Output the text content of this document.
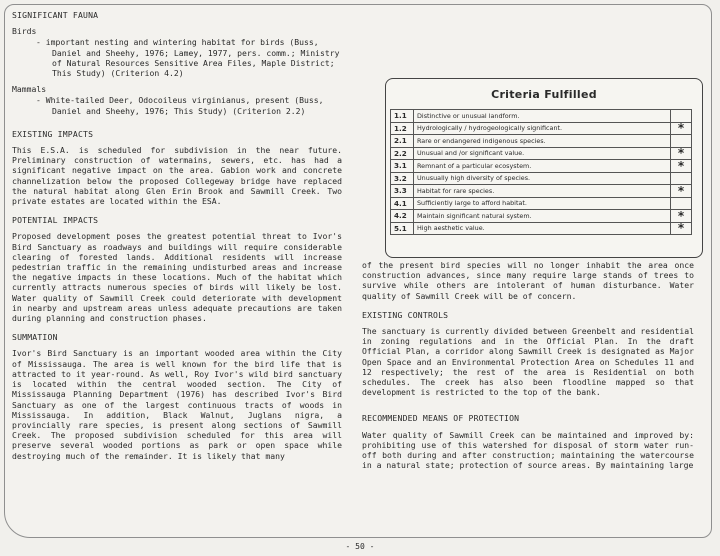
SIGNIFICANT FAUNA
Birds
- important nesting and wintering habitat for birds (Buss, Daniel and Sheehy, 1976; Lamey, 1977, pers. comm.; Ministry of Natural Resources Sensitive Area Files, Maple District; This Study) (Criterion 4.2)
Mammals
- White-tailed Deer, Odocoileus virginianus, present (Buss, Daniel and Sheehy, 1976; This Study) (Criterion 2.2)
EXISTING IMPACTS
This E.S.A. is scheduled for subdivision in the near future. Preliminary construction of watermains, sewers, etc. has had a significant negative impact on the area. Gabion work and concrete channelization below the proposed Collegeway bridge have replaced the natural habitat along Glen Erin Brook and Sawmill Creek. Two private estates are located within the ESA.
POTENTIAL IMPACTS
Proposed development poses the greatest potential threat to Ivor's Bird Sanctuary as roadways and buildings will require considerable clearing of forested lands. Additional residents will increase pedestrian traffic in the remaining undisturbed areas and increase the negative impacts in these locations. Much of the habitat which currently attracts numerous species of birds will likely be lost. Water quality of Sawmill Creek could deteriorate with development in nearby and upstream areas unless adequate precautions are taken during planning and construction phases.
SUMMATION
Ivor's Bird Sanctuary is an important wooded area within the City of Mississauga. The area is well known for the bird life that is attracted to it year-round. As well, Roy Ivor's wild bird sanctuary is located within the central wooded section. The City of Mississauga Planning Department (1976) has described Ivor's Bird Sanctuary as one of the largest continuous tracts of woods in Mississauga. In addition, Black Walnut, Juglans nigra, a provincially rare species, is present along sections of Sawmill Creek. The proposed subdivision scheduled for this area will preserve several wooded portions as park or open space while destroying much of the remainder. It is likely that many
Criteria Fulfilled
1.1	Distinctive or unusual landform.	
1.2	Hydrologically / hydrogeologically significant.	*
2.1	Rare or endangered indigenous species.	
2.2	Unusual and /or significant value.	*
3.1	Remnant of a particular ecosystem.	*
3.2	Unusually high diversity of species.	
3.3	Habitat for rare species.	*
4.1	Sufficiently large to afford habitat.	
4.2	Maintain significant natural system.	*
5.1	High aesthetic value.	*
of the present bird species will no longer inhabit the area once construction advances, since many require large stands of trees to survive while others are intolerant of human disturbance. Water quality of Sawmill Creek will be of concern.
EXISTING CONTROLS
The sanctuary is currently divided between Greenbelt and residential in zoning regulations and in the Official Plan. In the draft Official Plan, a corridor along Sawmill Creek is designated as Major Open Space and an Environmental Protection Area on Schedules 11 and 12 respectively; the rest of the area is Residential on both schedules. The creek has also been floodline mapped so that development is restricted to the top of the bank.
RECOMMENDED MEANS OF PROTECTION
Water quality of Sawmill Creek can be maintained and improved by: prohibiting use of this watershed for disposal of storm water run-off both during and after construction; maintaining the watercourse in a natural state; protection of source areas. By maintaining large
- 50 -
